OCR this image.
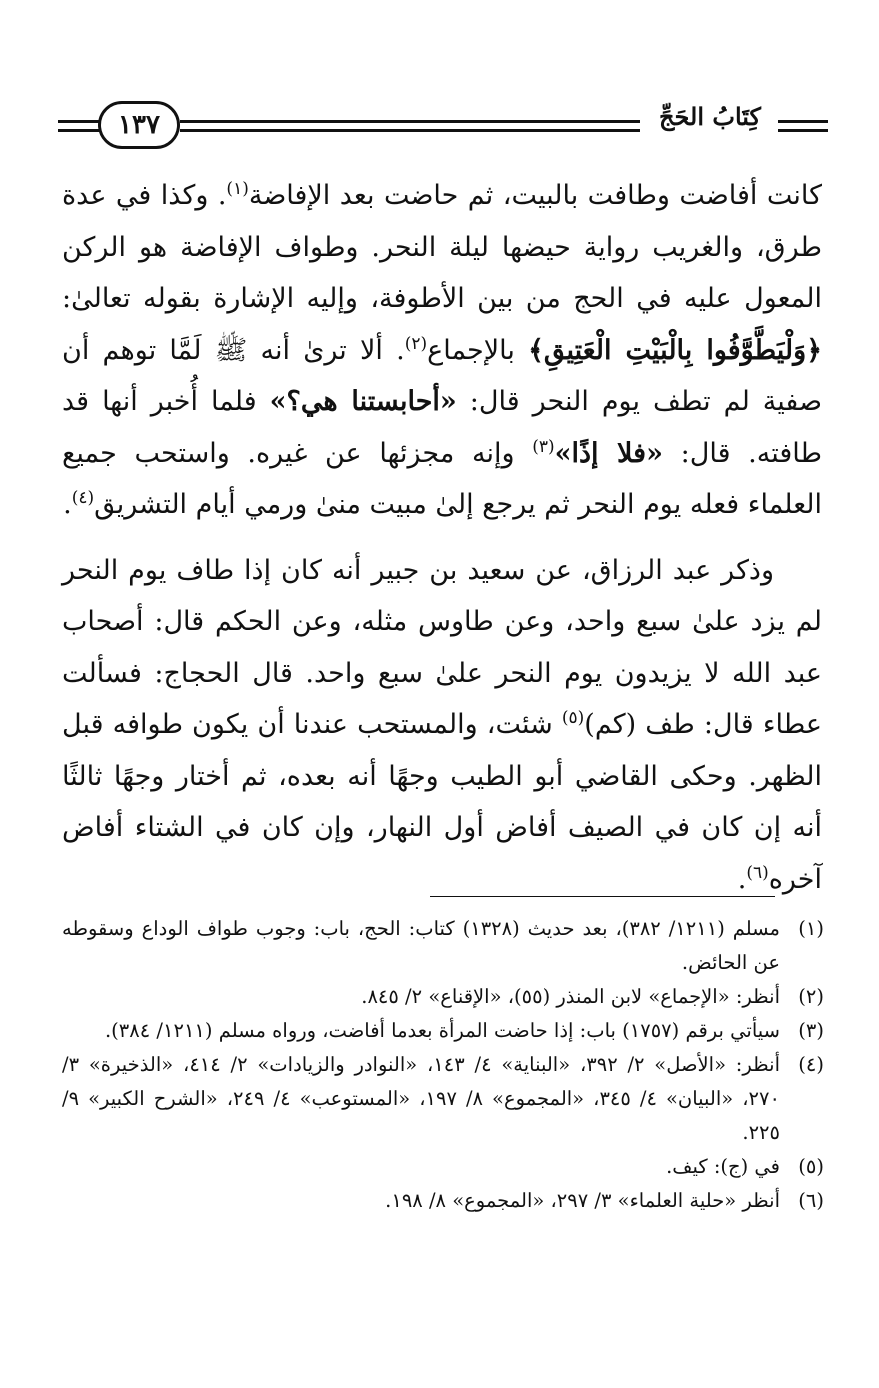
١٣٧	كِتَابُ الحَجِّ

كانت أفاضت وطافت بالبيت، ثم حاضت بعد الإفاضة$^{(١)}$. وكذا في عدة طرق، والغريب رواية حيضها ليلة النحر. وطواف الإفاضة هو الركن المعول عليه في الحج من بين الأطوفة، وإليه الإشارة بقوله تعالىٰ: ﴿وَلْيَطَّوَّفُوا بِالْبَيْتِ الْعَتِيقِ﴾ بالإجماع$^{(٢)}$. ألا ترىٰ أنه ﷺ لَمَّا توهم أن صفية لم تطف يوم النحر قال: «أحابستنا هي؟» فلما أُخبر أنها قد طافته. قال: «فلا إذًا»$^{(٣)}$ وإنه مجزئها عن غيره. واستحب جميع العلماء فعله يوم النحر ثم يرجع إلىٰ مبيت منىٰ ورمي أيام التشريق$^{(٤)}$.

وذكر عبد الرزاق، عن سعيد بن جبير أنه كان إذا طاف يوم النحر لم يزد علىٰ سبع واحد، وعن طاوس مثله، وعن الحكم قال: أصحاب عبد الله لا يزيدون يوم النحر علىٰ سبع واحد. قال الحجاج: فسألت عطاء قال: طف (كم)$^{(٥)}$ شئت، والمستحب عندنا أن يكون طوافه قبل الظهر. وحكى القاضي أبو الطيب وجهًا أنه بعده، ثم أختار وجهًا ثالثًا أنه إن كان في الصيف أفاض أول النهار، وإن كان في الشتاء أفاض آخره$^{(٦)}$.

(١)
مسلم (١٢١١/ ٣٨٢)، بعد حديث (١٣٢٨) كتاب: الحج، باب: وجوب طواف الوداع وسقوطه عن الحائض.
(٢)
أنظر: «الإجماع» لابن المنذر (٥٥)، «الإقناع» ٢/ ٨٤٥.
(٣)
سيأتي برقم (١٧٥٧) باب: إذا حاضت المرأة بعدما أفاضت، ورواه مسلم (١٢١١/ ٣٨٤).
(٤)
أنظر: «الأصل» ٢/ ٣٩٢، «البناية» ٤/ ١٤٣، «النوادر والزيادات» ٢/ ٤١٤، «الذخيرة» ٣/ ٢٧٠، «البيان» ٤/ ٣٤٥، «المجموع» ٨/ ١٩٧، «المستوعب» ٤/ ٢٤٩، «الشرح الكبير» ٩/ ٢٢٥.
(٥)
في (ج): كيف.
(٦)
أنظر «حلية العلماء» ٣/ ٢٩٧، «المجموع» ٨/ ١٩٨.
